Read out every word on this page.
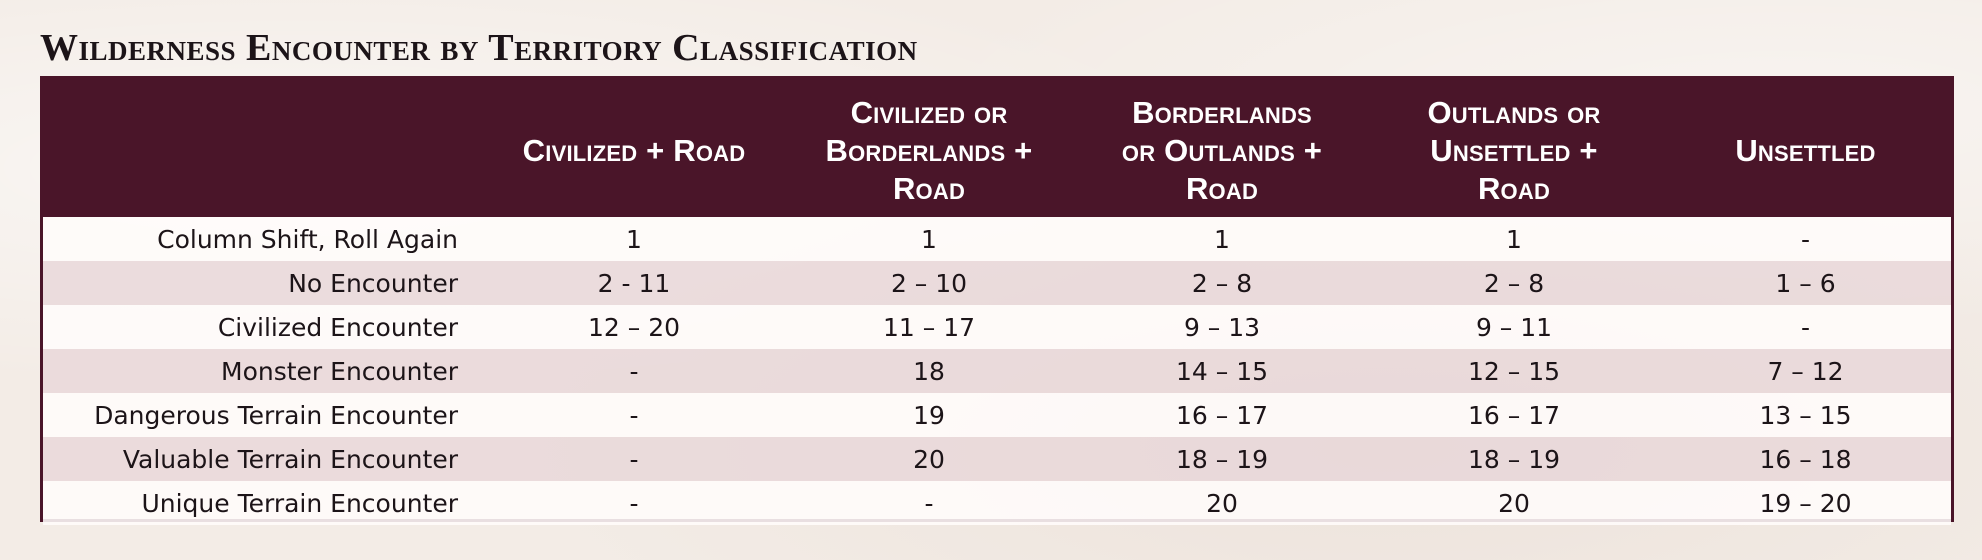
Wilderness Encounter by Territory Classification

	Civilized + Road	Civilized or
Borderlands +
Road	Borderlands
or Outlands +
Road	Outlands or
Unsettled +
Road	Unsettled

Column Shift, Roll Again	1	1	1	1	-
No Encounter	2 - 11	2 – 10	2 – 8	2 – 8	1 – 6
Civilized Encounter	12 – 20	11 – 17	9 – 13	9 – 11	-
Monster Encounter	-	18	14 – 15	12 – 15	7 – 12
Dangerous Terrain Encounter	-	19	16 – 17	16 – 17	13 – 15
Valuable Terrain Encounter	-	20	18 – 19	18 – 19	16 – 18
Unique Terrain Encounter	-	-	20	20	19 – 20
